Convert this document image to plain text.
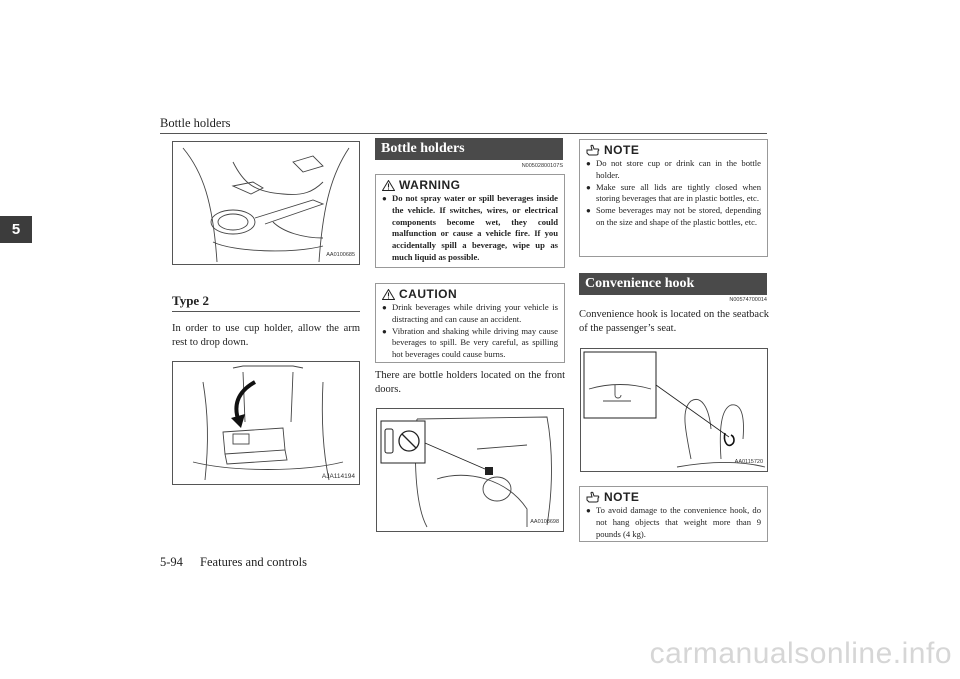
Bottle holders
5
AA0100685
Type 2
In order to use cup holder, allow the arm rest to drop down.
AJA114194
Bottle holders
N00502800107S
WARNING
● Do not spray water or spill beverages inside the vehicle. If switches, wires, or electrical components become wet, they could malfunction or cause a vehicle fire. If you accidentally spill a beverage, wipe up as much liquid as possible.
CAUTION
● Drink beverages while driving your vehicle is distracting and can cause an accident.
● Vibration and shaking while driving may cause beverages to spill. Be very careful, as spilling hot beverages could cause burns.
There are bottle holders located on the front doors.
AA0108698
NOTE
● Do not store cup or drink can in the bottle holder.
● Make sure all lids are tightly closed when storing beverages that are in plastic bottles, etc.
● Some beverages may not be stored, depending on the size and shape of the plastic bottles, etc.
Convenience hook
N00574700014
Convenience hook is located on the seatback of the passenger’s seat.
AA0115720
NOTE
● To avoid damage to the convenience hook, do not hang objects that weight more than 9 pounds (4 kg).
5-94 Features and controls
carmanualsonline.info
